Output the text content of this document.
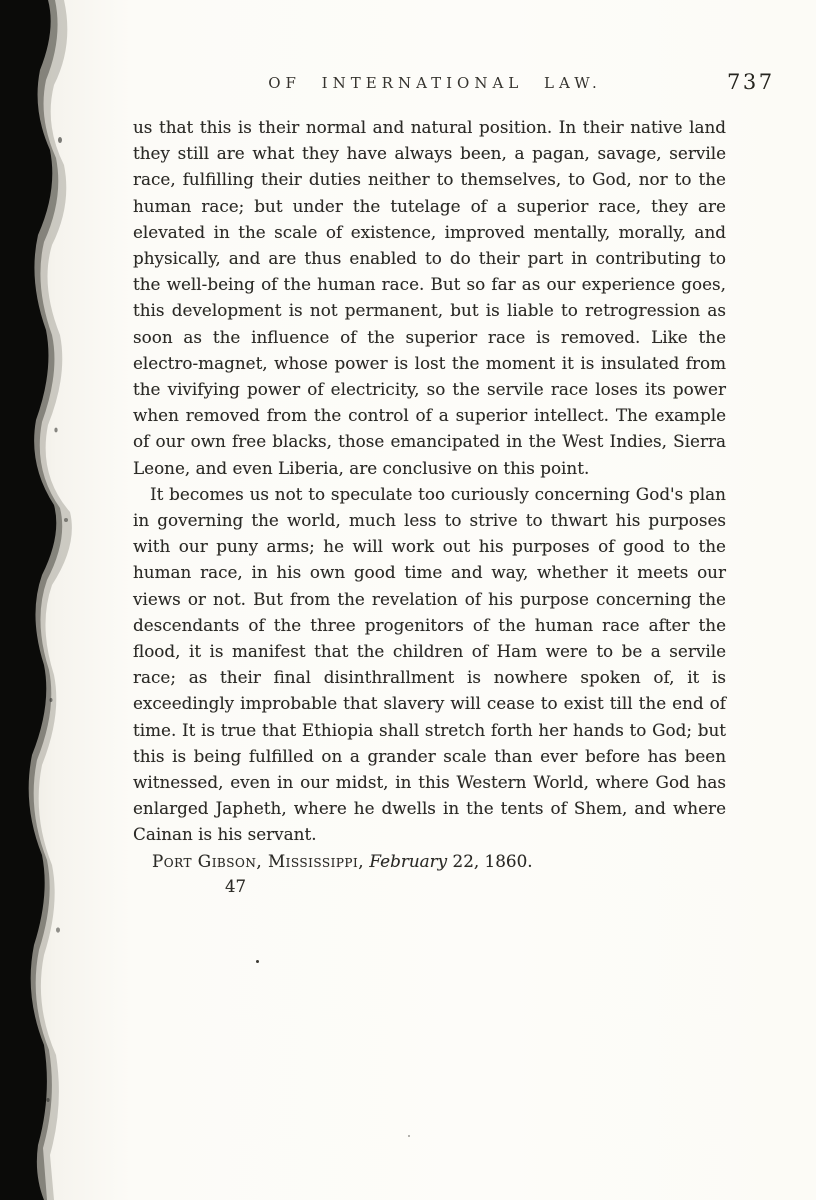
OF INTERNATIONAL LAW.	737

us that this is their normal and natural position. In their native land they still are what they have always been, a pagan, savage, servile race, fulfilling their duties neither to themselves, to God, nor to the human race; but under the tutelage of a superior race, they are elevated in the scale of existence, improved mentally, morally, and physically, and are thus enabled to do their part in contributing to the well-being of the human race. But so far as our experience goes, this development is not permanent, but is liable to retrogression as soon as the influence of the superior race is removed. Like the electro-magnet, whose power is lost the moment it is insulated from the vivifying power of electricity, so the servile race loses its power when removed from the control of a superior intellect. The example of our own free blacks, those emancipated in the West Indies, Sierra Leone, and even Liberia, are conclusive on this point.

It becomes us not to speculate too curiously concerning God's plan in governing the world, much less to strive to thwart his purposes with our puny arms; he will work out his purposes of good to the human race, in his own good time and way, whether it meets our views or not. But from the revelation of his purpose concerning the descendants of the three progenitors of the human race after the flood, it is manifest that the children of Ham were to be a servile race; as their final disinthrallment is nowhere spoken of, it is exceedingly improbable that slavery will cease to exist till the end of time. It is true that Ethiopia shall stretch forth her hands to God; but this is being fulfilled on a grander scale than ever before has been witnessed, even in our midst, in this Western World, where God has enlarged Japheth, where he dwells in the tents of Shem, and where Cainan is his servant.

Port Gibson, Mississippi, February 22, 1860.

47
